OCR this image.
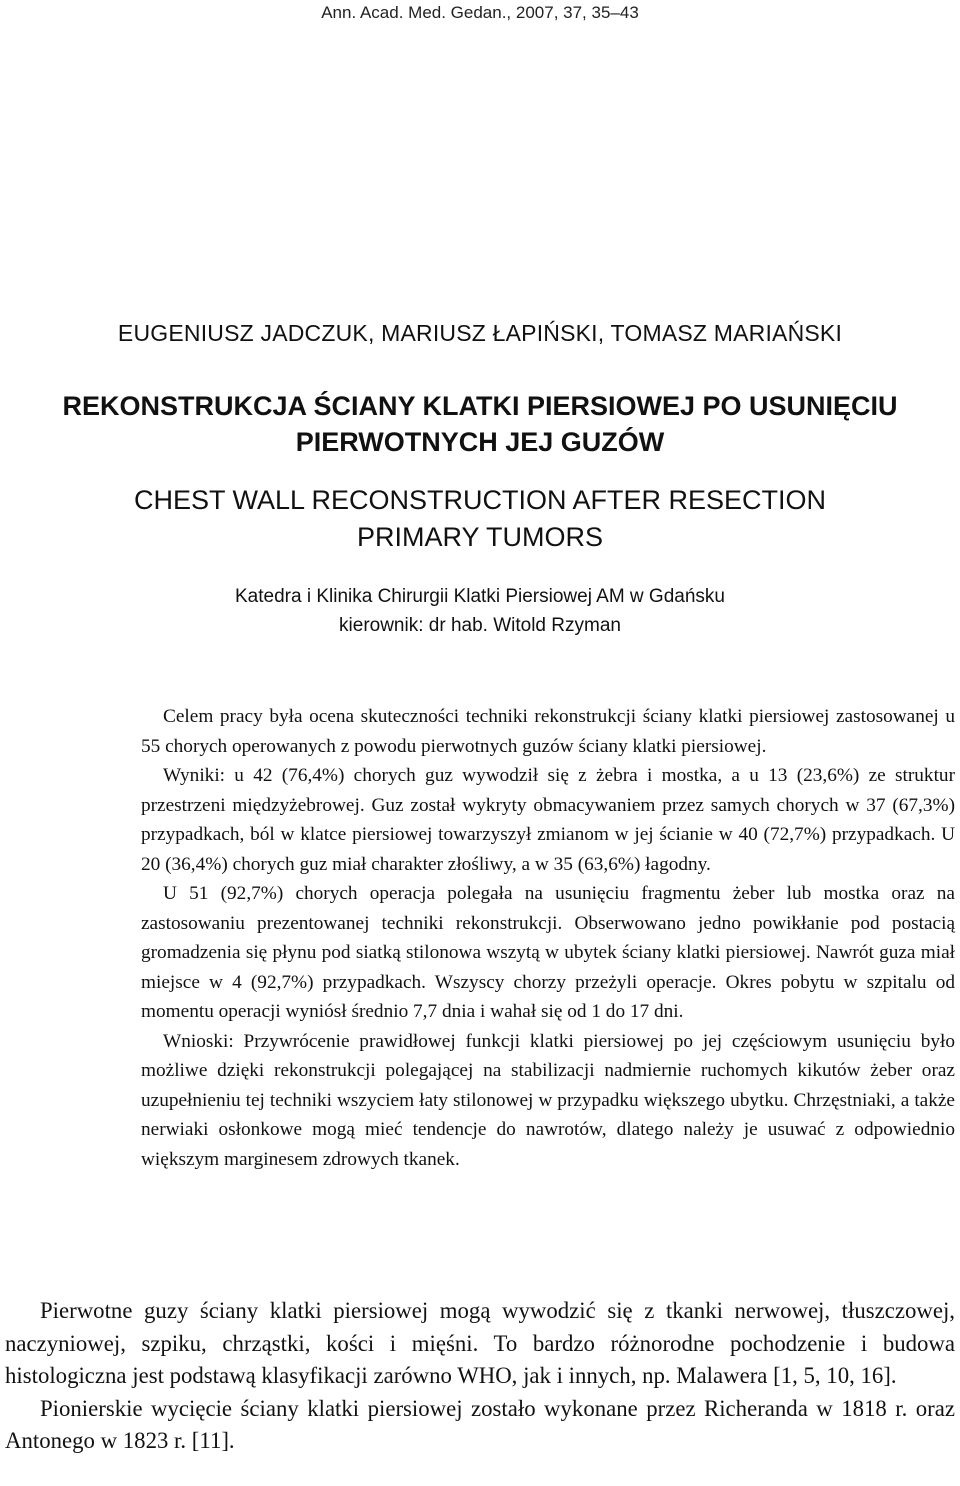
Ann. Acad. Med. Gedan., 2007, 37, 35–43
EUGENIUSZ JADCZUK, MARIUSZ ŁAPIŃSKI, TOMASZ MARIAŃSKI
REKONSTRUKCJA ŚCIANY KLATKI PIERSIOWEJ PO USUNIĘCIU
PIERWOTNYCH JEJ GUZÓW
CHEST WALL RECONSTRUCTION AFTER RESECTION
PRIMARY TUMORS
Katedra i Klinika Chirurgii Klatki Piersiowej AM w Gdańsku
kierownik: dr hab. Witold Rzyman

Celem pracy była ocena skuteczności techniki rekonstrukcji ściany klatki piersiowej zastosowanej u 55 chorych operowanych z powodu pierwotnych guzów ściany klatki piersiowej.

Wyniki: u 42 (76,4%) chorych guz wywodził się z żebra i mostka, a u 13 (23,6%) ze struktur przestrzeni międzyżebrowej. Guz został wykryty obmacywaniem przez samych chorych w 37 (67,3%) przypadkach, ból w klatce piersiowej towarzyszył zmianom w jej ścianie w 40 (72,7%) przypadkach. U 20 (36,4%) chorych guz miał charakter złośliwy, a w 35 (63,6%) łagodny.

U 51 (92,7%) chorych operacja polegała na usunięciu fragmentu żeber lub mostka oraz na zastosowaniu prezentowanej techniki rekonstrukcji. Obserwowano jedno powikłanie pod postacią gromadzenia się płynu pod siatką stilonowa wszytą w ubytek ściany klatki piersiowej. Nawrót guza miał miejsce w 4 (92,7%) przypadkach. Wszyscy chorzy przeżyli operacje. Okres pobytu w szpitalu od momentu operacji wyniósł średnio 7,7 dnia i wahał się od 1 do 17 dni.

Wnioski: Przywrócenie prawidłowej funkcji klatki piersiowej po jej częściowym usunięciu było możliwe dzięki rekonstrukcji polegającej na stabilizacji nadmiernie ruchomych kikutów żeber oraz uzupełnieniu tej techniki wszyciem łaty stilonowej w przypadku większego ubytku. Chrzęstniaki, a także nerwiaki osłonkowe mogą mieć tendencje do nawrotów, dlatego należy je usuwać z odpowiednio większym marginesem zdrowych tkanek.

Pierwotne guzy ściany klatki piersiowej mogą wywodzić się z tkanki nerwowej, tłuszczowej, naczyniowej, szpiku, chrząstki, kości i mięśni. To bardzo różnorodne pochodzenie i budowa histologiczna jest podstawą klasyfikacji zarówno WHO, jak i innych, np. Malawera [1, 5, 10, 16].

Pionierskie wycięcie ściany klatki piersiowej zostało wykonane przez Richeranda w 1818 r. oraz Antonego w 1823 r. [11].
